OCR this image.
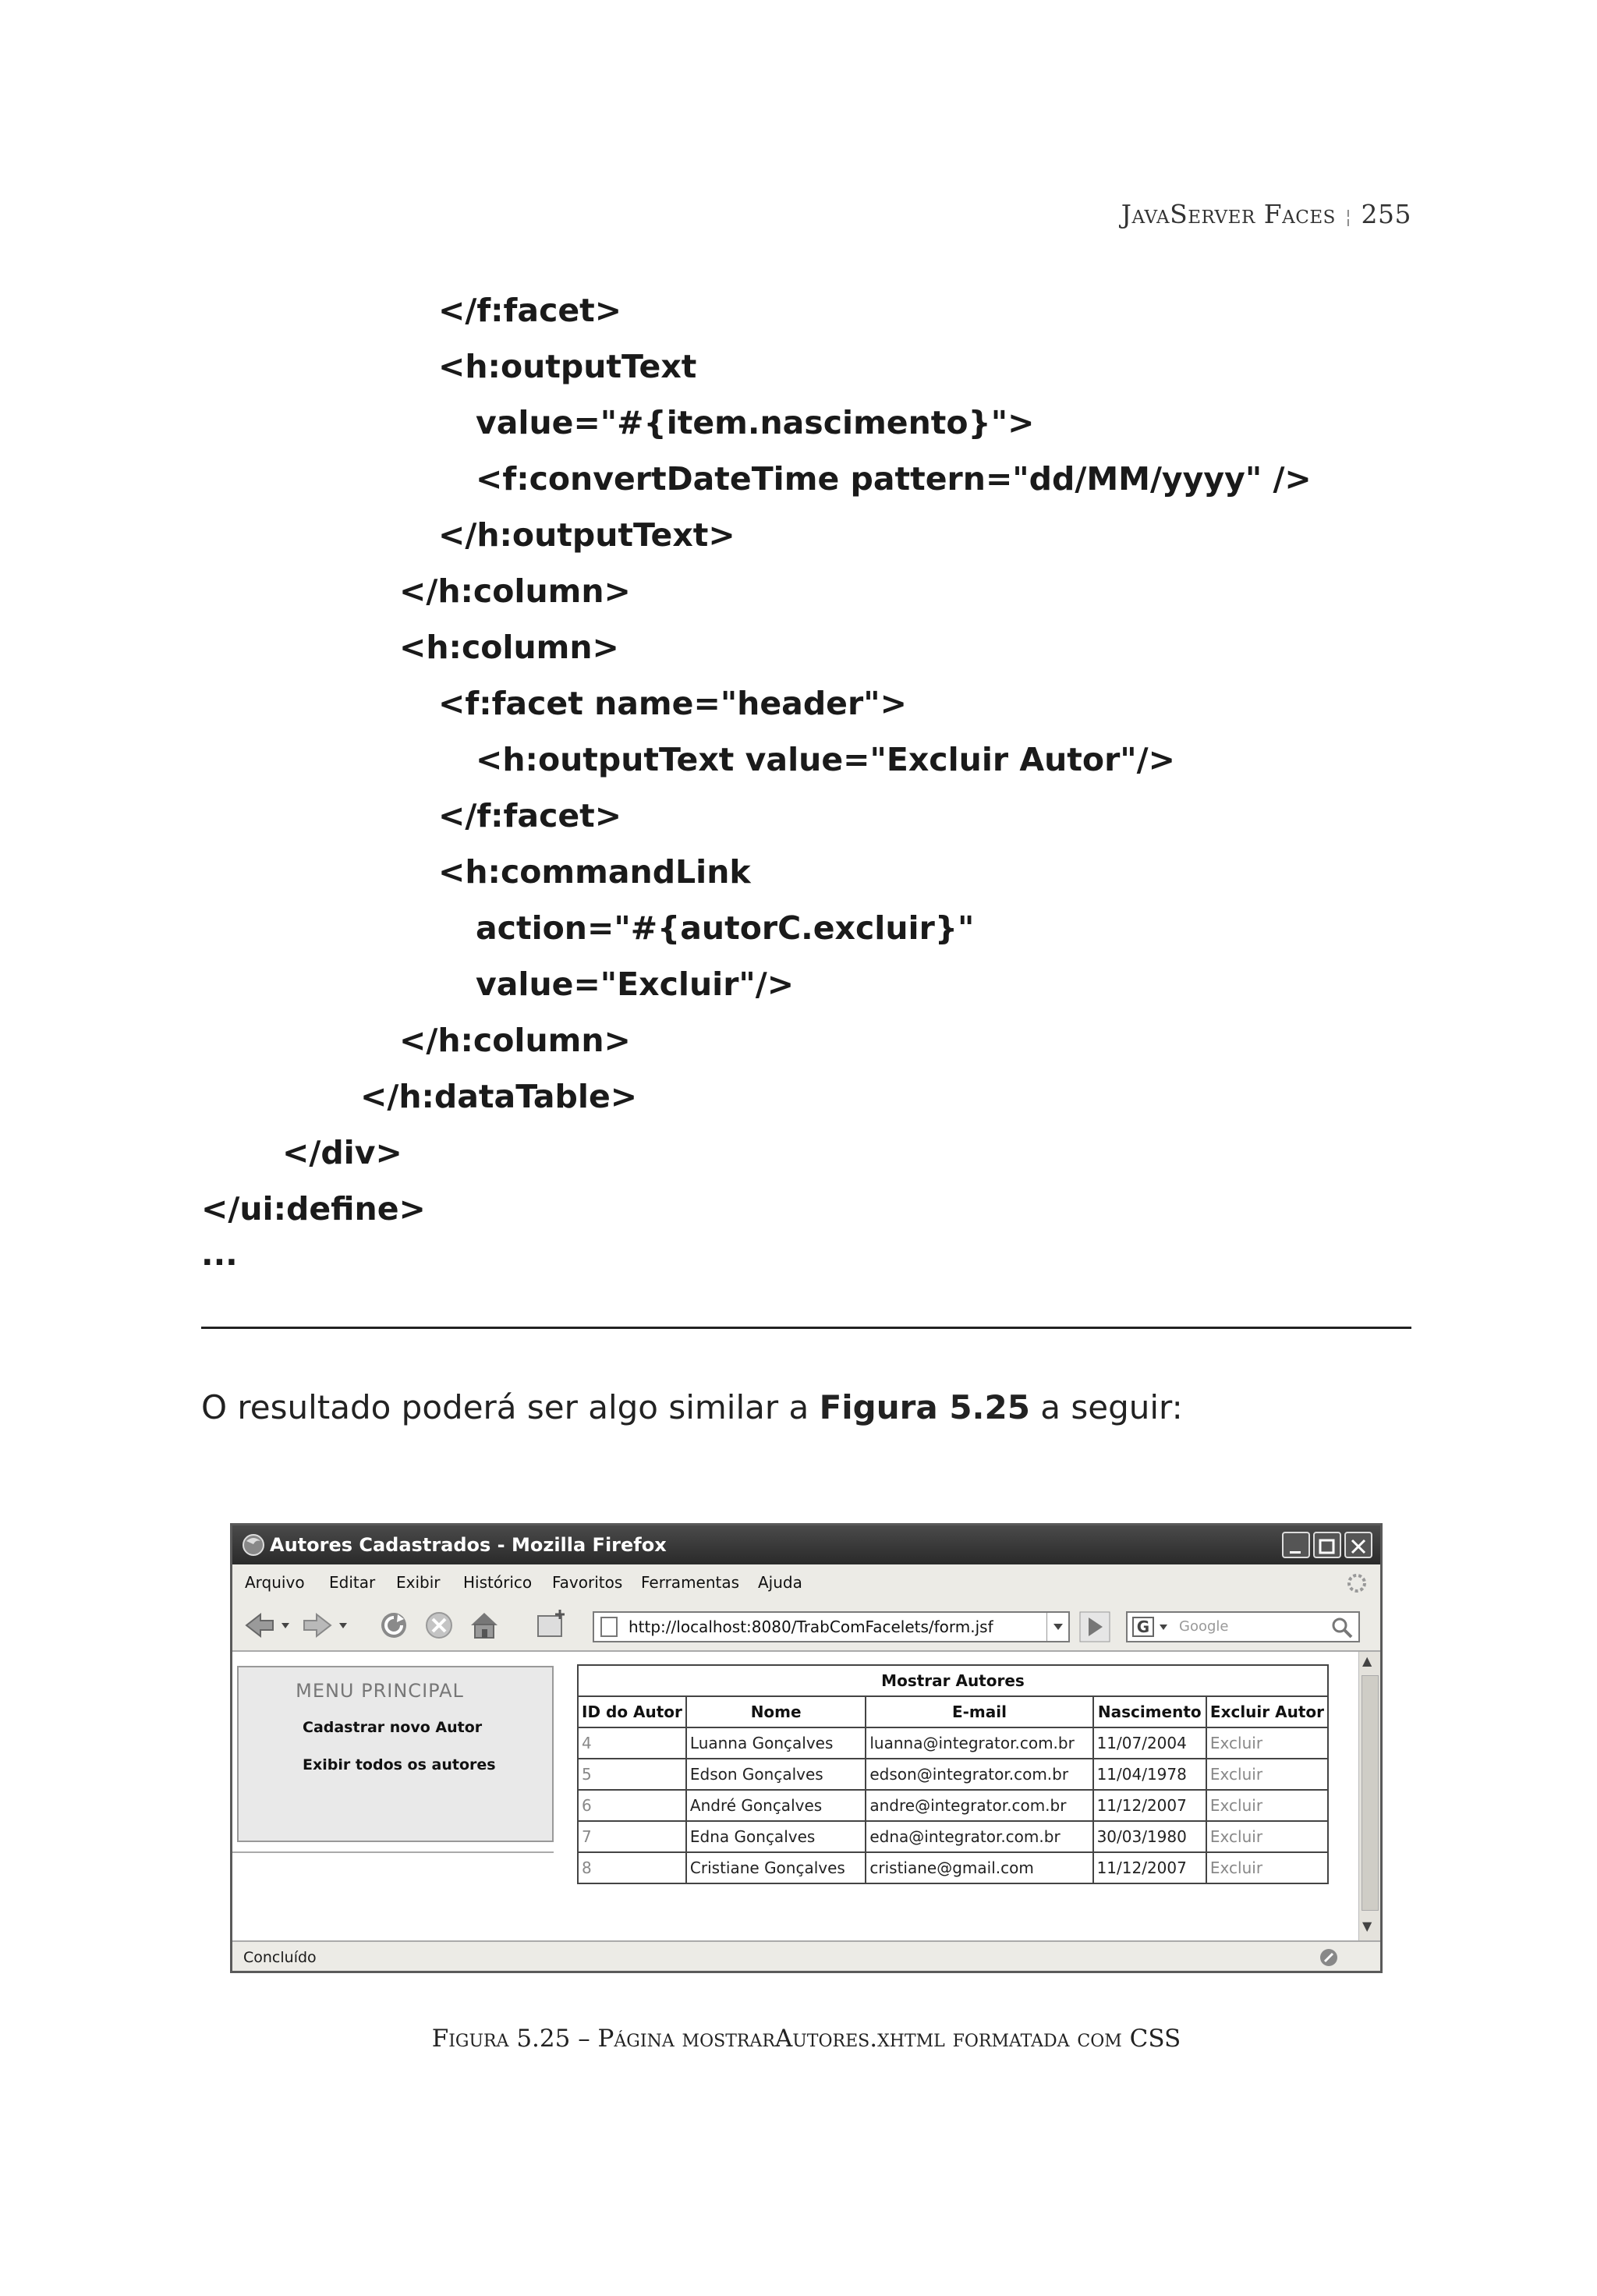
JavaServer Faces ¦ 255
</f:facet>
<h:outputText
value="#{item.nascimento}">
<f:convertDateTime pattern="dd/MM/yyyy" />
</h:outputText>
</h:column>
<h:column>
<f:facet name="header">
<h:outputText value="Excluir Autor"/>
</f:facet>
<h:commandLink
action="#{autorC.excluir}"
value="Excluir"/>
</h:column>
</h:dataTable>
</div>
</ui:define>
...
O resultado poderá ser algo similar a Figura 5.25 a seguir:
Autores Cadastrados - Mozilla Firefox
Arquivo Editar Exibir Histórico Favoritos Ferramentas Ajuda
http://localhost:8080/TrabComFacelets/form.jsf	G	Google
MENU PRINCIPAL
Cadastrar novo Autor
Exibir todos os autores
Mostrar Autores				
ID do Autor	Nome	E-mail	Nascimento	Excluir Autor
4	Luanna Gonçalves	luanna@integrator.com.br	11/07/2004	Excluir
5	Edson Gonçalves	edson@integrator.com.br	11/04/1978	Excluir
6	André Gonçalves	andre@integrator.com.br	11/12/2007	Excluir
7	Edna Gonçalves	edna@integrator.com.br	30/03/1980	Excluir
8	Cristiane Gonçalves	cristiane@gmail.com	11/12/2007	Excluir
▲
▼
Concluído
Figura 5.25 – Página mostrarAutores.xhtml formatada com CSS
